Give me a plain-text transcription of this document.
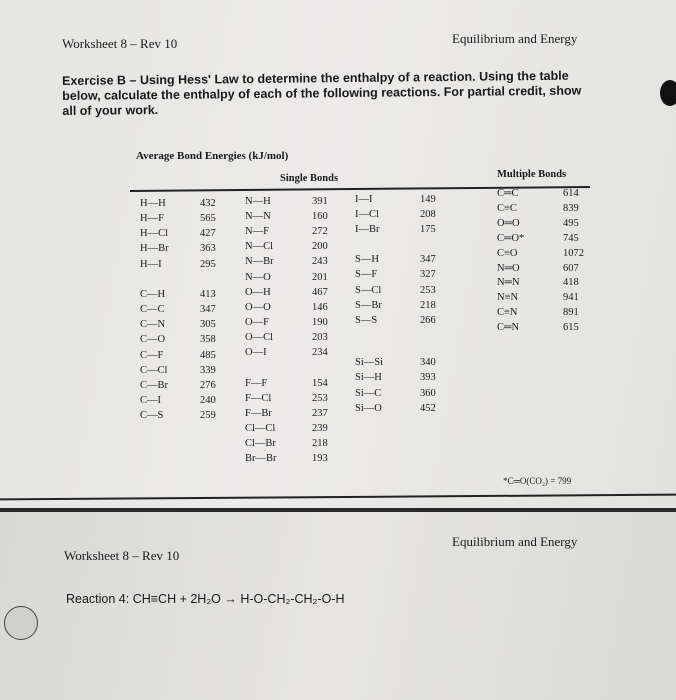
Worksheet 8 – Rev 10	Equilibrium and Energy
Exercise B – Using Hess' Law to determine the enthalpy of a reaction. Using the table
below, calculate the enthalpy of each of the following reactions. For partial credit, show
all of your work.
Average Bond Energies (kJ/mol)
Single Bonds	Multiple Bonds
H—H	432
H—F	565
H—Cl	427
H—Br	363
H—I	295
C—H	413
C—C	347
C—N	305
C—O	358
C—F	485
C—Cl	339
C—Br	276
C—I	240
C—S	259
N—H	391
N—N	160
N—F	272
N—Cl	200
N—Br	243
N—O	201
O—H	467
O—O	146
O—F	190
O—Cl	203
O—I	234
F—F	154
F—Cl	253
F—Br	237
Cl—Cl	239
Cl—Br	218
Br—Br	193
I—I	149
I—Cl	208
I—Br	175
S—H	347
S—F	327
S—Cl	253
S—Br	218
S—S	266
Si—Si	340
Si—H	393
Si—C	360
Si—O	452
C═C	614
C≡C	839
O═O	495
C═O*	745
C≡O	1072
N═O	607
N═N	418
N≡N	941
C≡N	891
C═N	615
*C═O(CO₂) = 799
Worksheet 8 – Rev 10
Equilibrium and Energy
Reaction 4: CH≡CH + 2H₂O → H-O-CH₂-CH₂-O-H
